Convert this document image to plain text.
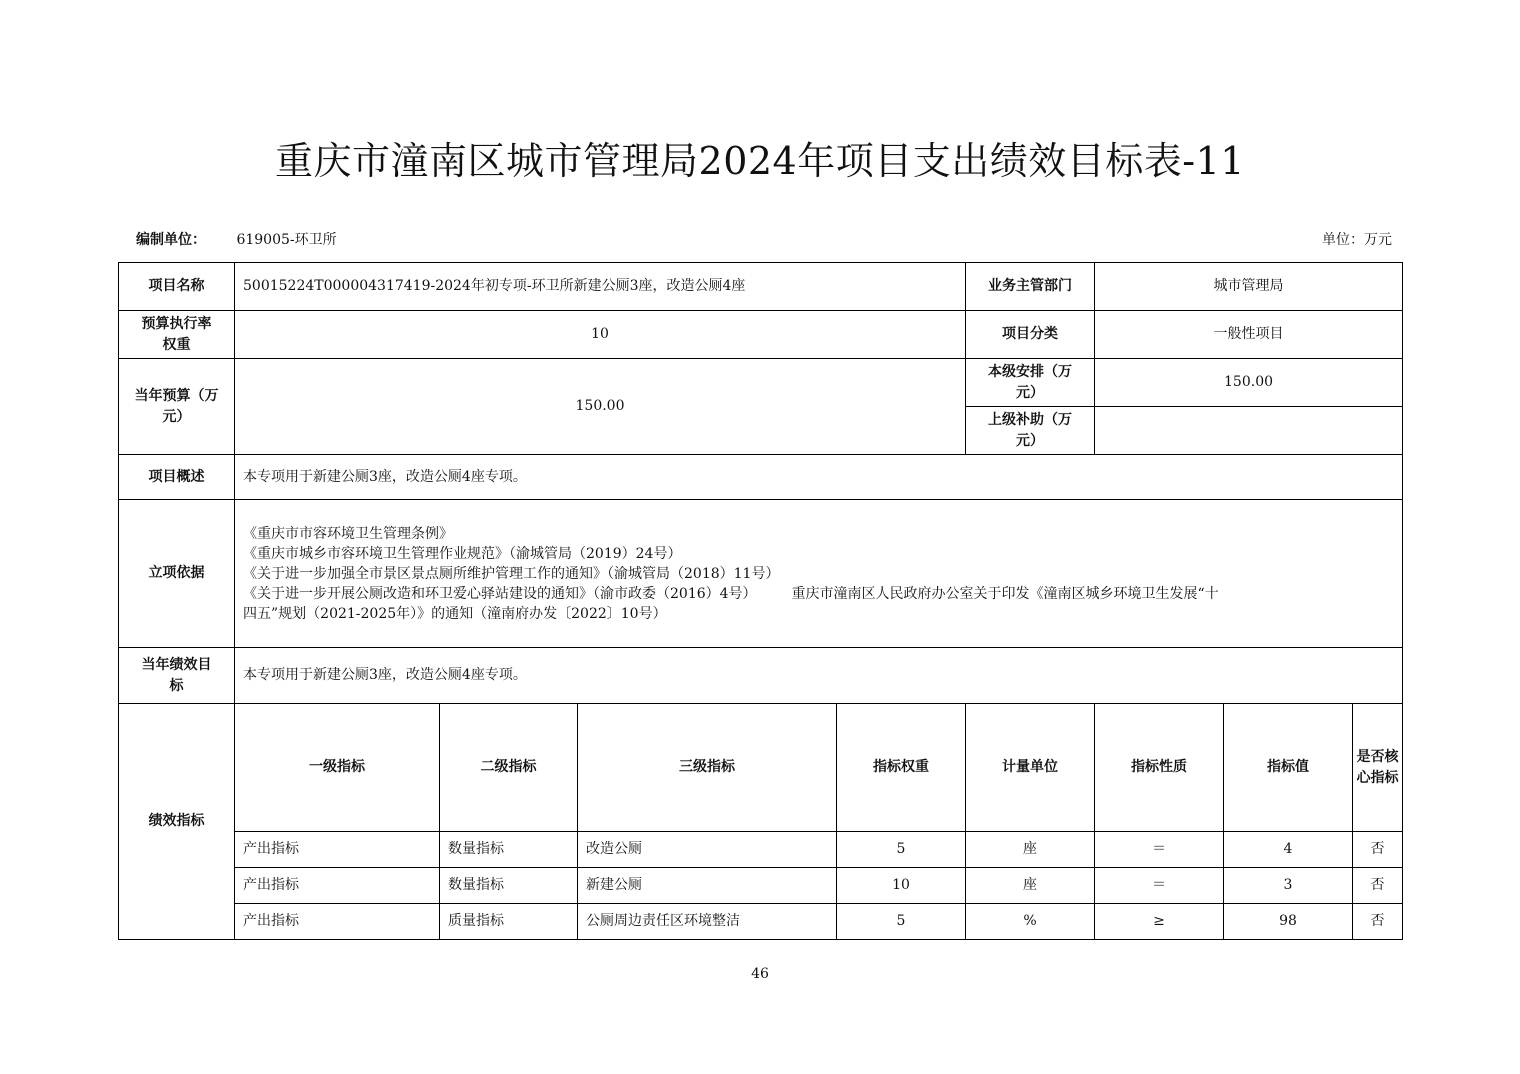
重庆市潼南区城市管理局2024年项目支出绩效目标表-11
编制单位： 619005-环卫所	单位：万元
项目名称	50015224T000004317419-2024年初专项-环卫所新建公厕3座，改造公厕4座				业务主管部门	城市管理局		
预算执行率
权重	10				项目分类	一般性项目		
当年预算（万
元）	150.00				本级安排（万
元）	150.00		
					上级补助（万
元）			
项目概述	本专项用于新建公厕3座，改造公厕4座专项。							
立项依据	《重庆市市容环境卫生管理条例》
《重庆市城乡市容环境卫生管理作业规范》（渝城管局（2019）24号）
《关于进一步加强全市景区景点厕所维护管理工作的通知》（渝城管局（2018）11号）
《关于进一步开展公厕改造和环卫爱心驿站建设的通知》（渝市政委（2016）4号）　　　重庆市潼南区人民政府办公室关于印发《潼南区城乡环境卫生发展“十
四五”规划（2021-2025年）》的通知（潼南府办发〔2022〕10号）							

当年绩效目
标	本专项用于新建公厕3座，改造公厕4座专项。							
绩效指标	一级指标	二级指标	三级指标	指标权重	计量单位	指标性质	指标值	是否核心指标
	产出指标	数量指标	改造公厕	5	座	＝	4	否
	产出指标	数量指标	新建公厕	10	座	＝	3	否
	产出指标	质量指标	公厕周边责任区环境整洁	5	%	≥	98	否
46
